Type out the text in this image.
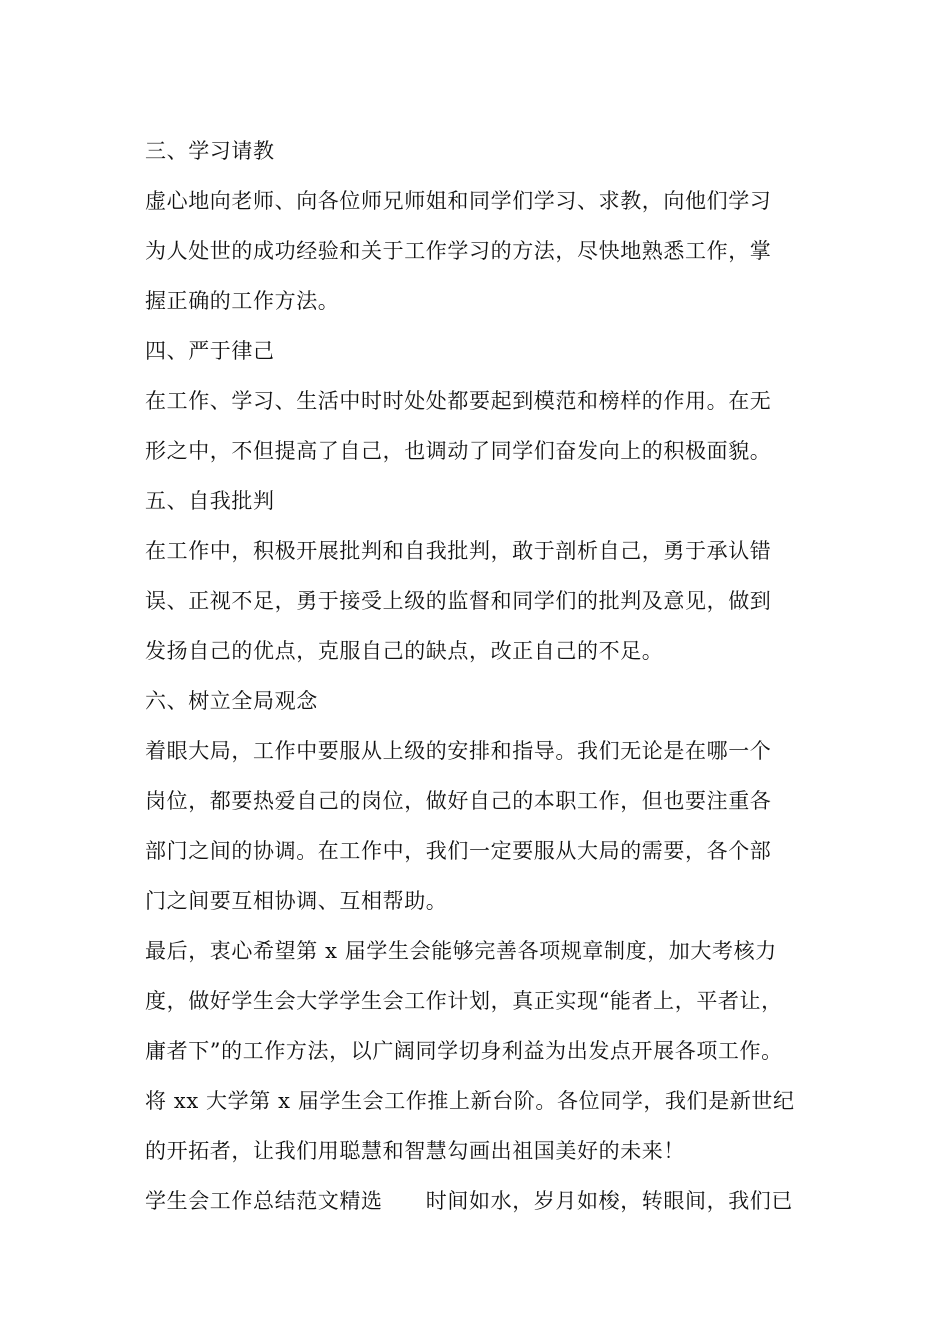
三、学习请教
虚心地向老师、向各位师兄师姐和同学们学习、求教，向他们学习
为人处世的成功经验和关于工作学习的方法，尽快地熟悉工作，掌
握正确的工作方法。
四、严于律己
在工作、学习、生活中时时处处都要起到模范和榜样的作用。在无
形之中，不但提高了自己，也调动了同学们奋发向上的积极面貌。
五、自我批判
在工作中，积极开展批判和自我批判，敢于剖析自己，勇于承认错
误、正视不足，勇于接受上级的监督和同学们的批判及意见，做到
发扬自己的优点，克服自己的缺点，改正自己的不足。
六、树立全局观念
着眼大局，工作中要服从上级的安排和指导。我们无论是在哪一个
岗位，都要热爱自己的岗位，做好自己的本职工作，但也要注重各
部门之间的协调。在工作中，我们一定要服从大局的需要，各个部
门之间要互相协调、互相帮助。
最后，衷心希望第 x 届学生会能够完善各项规章制度，加大考核力
度，做好学生会大学学生会工作计划，真正实现“能者上，平者让，
庸者下”的工作方法，以广阔同学切身利益为出发点开展各项工作。
将 xx 大学第 x 届学生会工作推上新台阶。各位同学，我们是新世纪
的开拓者，让我们用聪慧和智慧勾画出祖国美好的未来！
学生会工作总结范文精选　　时间如水，岁月如梭，转眼间，我们已
